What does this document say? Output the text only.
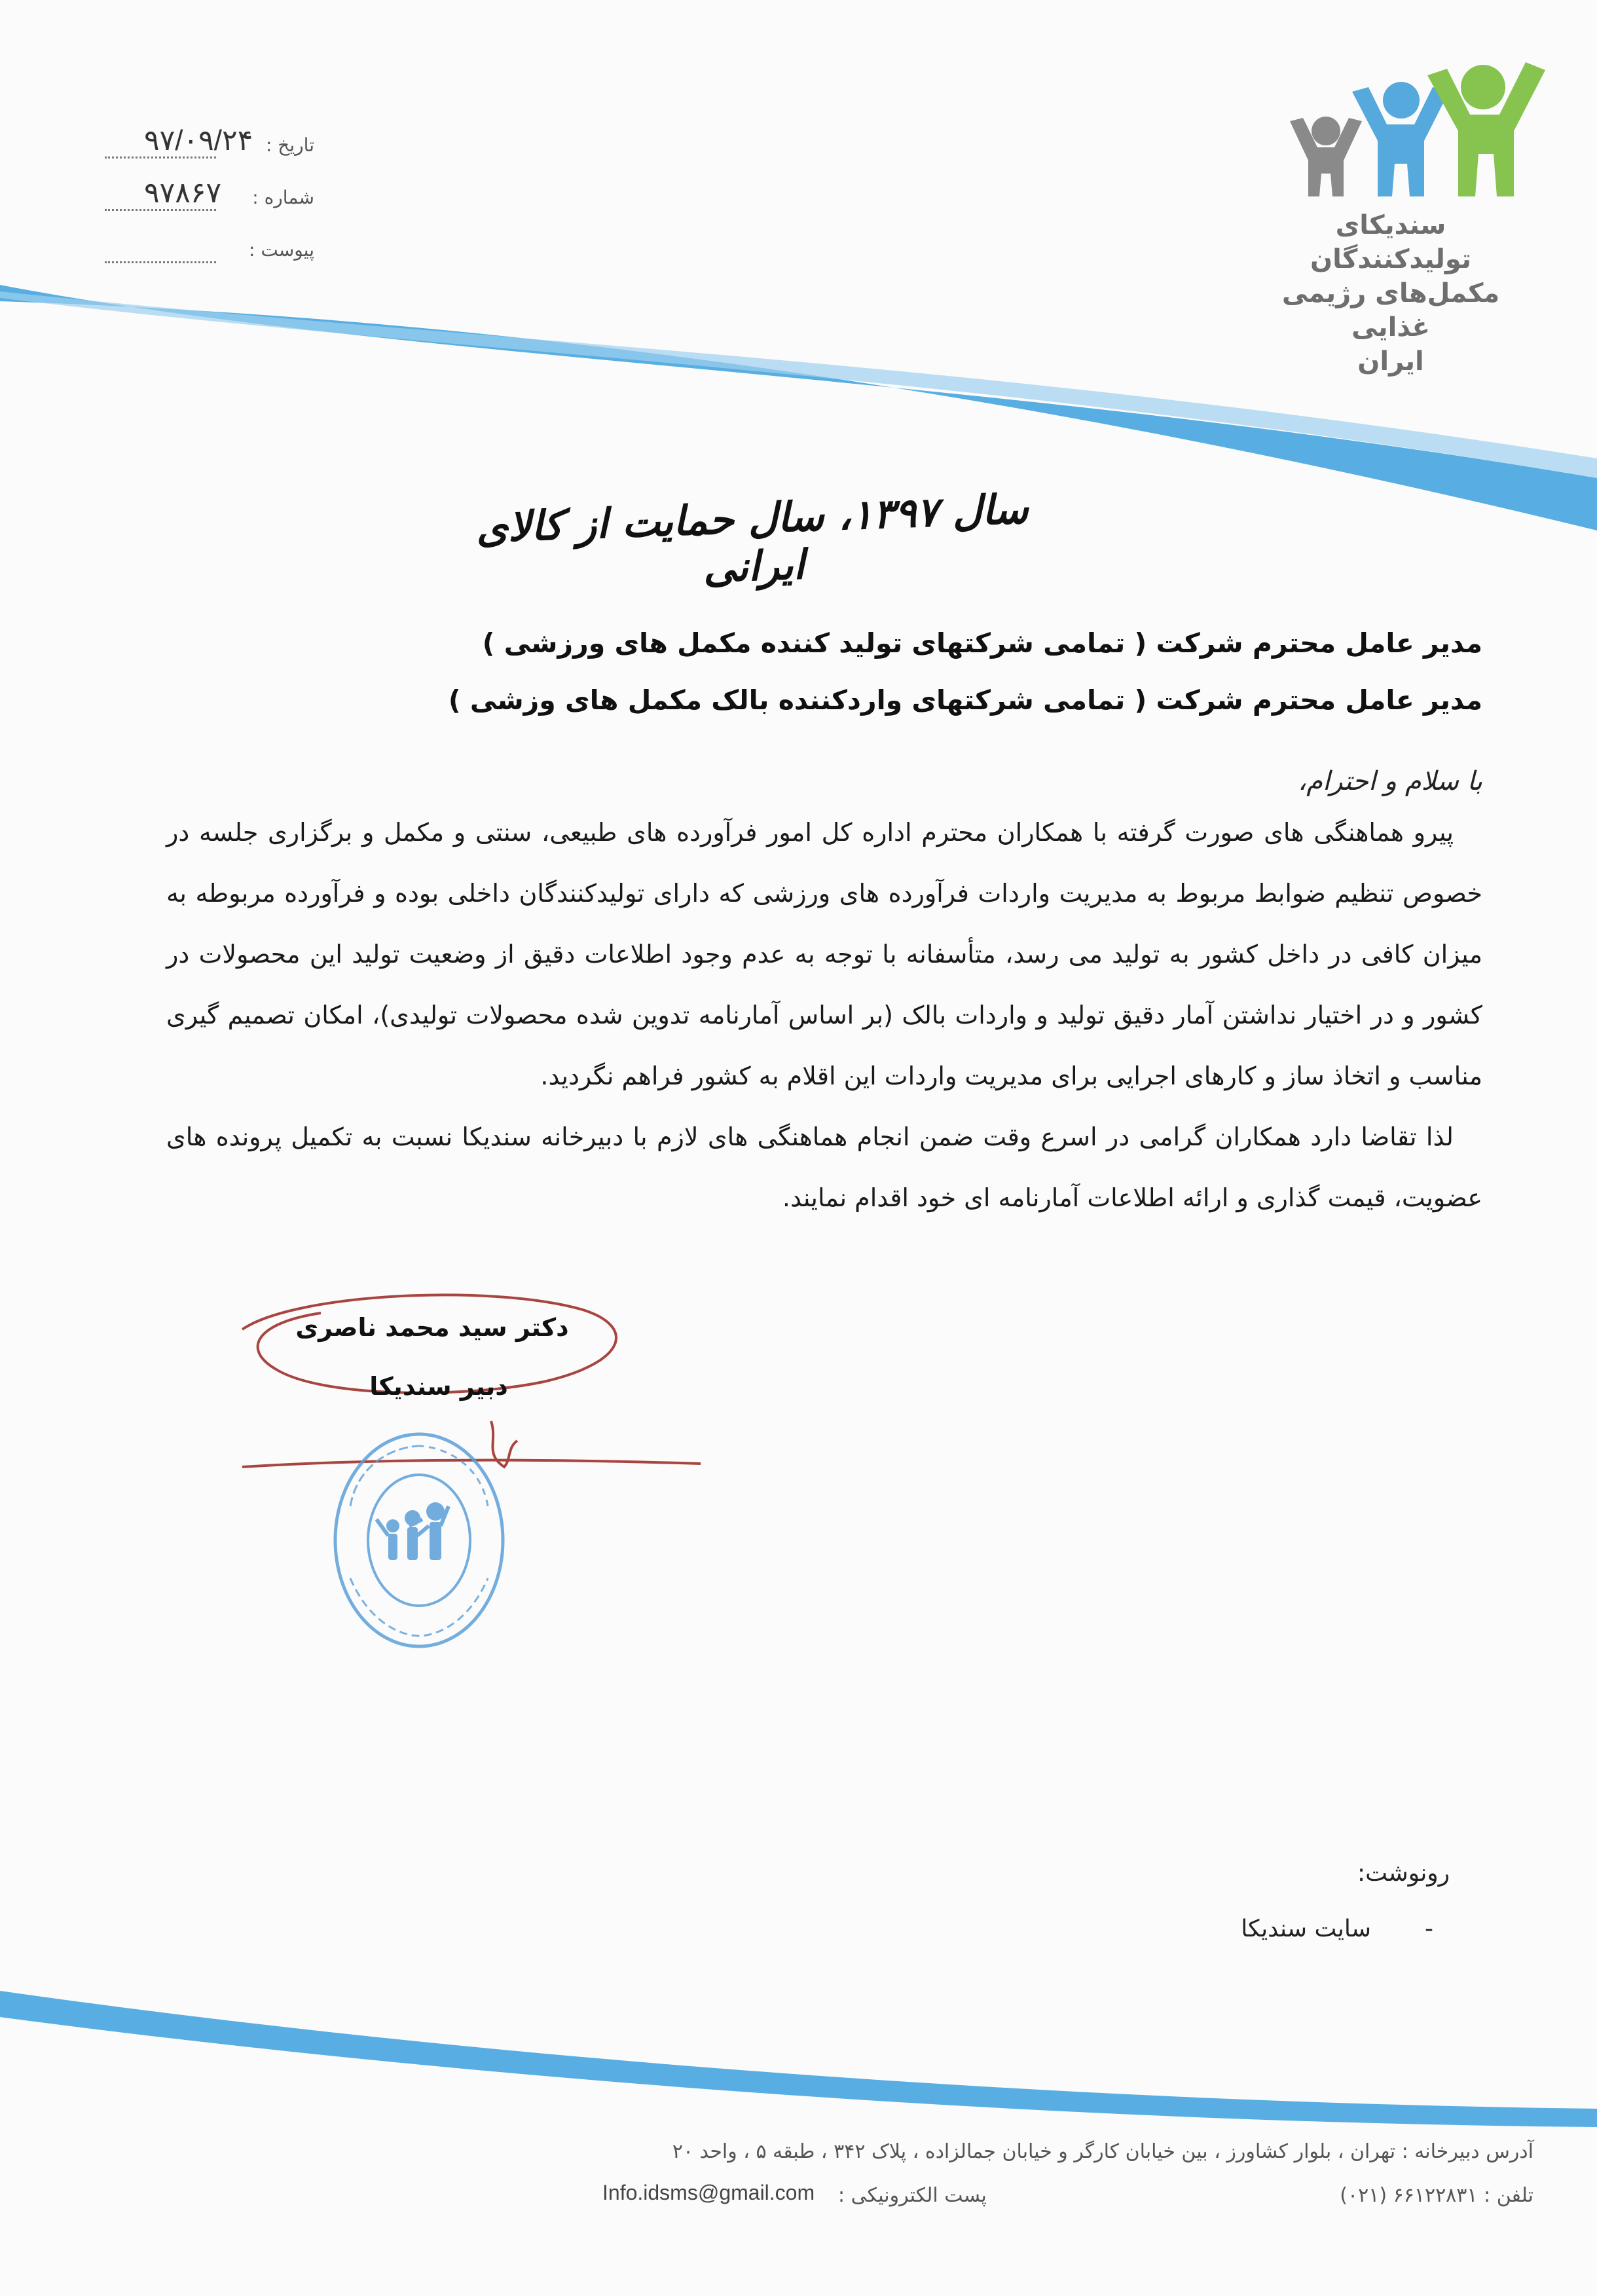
تاریخ :
۹۷/۰۹/۲۴
شماره :
۹۷۸۶۷
پیوست :
سندیکای تولیدکنندگان
مکمل‌های رژیمی غذایی
ایران
سال ۱۳۹۷، سال حمایت از کالای ایرانی
مدیر عامل محترم شرکت ( تمامی شرکتهای تولید کننده مکمل های ورزشی )
مدیر عامل محترم شرکت ( تمامی شرکتهای واردکننده بالک مکمل های وزشی )
با سلام و احترام،

پیرو هماهنگی های صورت گرفته با همکاران محترم اداره کل امور فرآورده های طبیعی، سنتی و مکمل و برگزاری جلسه در خصوص تنظیم ضوابط مربوط به مدیریت واردات فرآورده های ورزشی که دارای تولیدکنندگان داخلی بوده و فرآورده مربوطه به میزان کافی در داخل کشور به تولید می رسد، متأسفانه با توجه به عدم وجود اطلاعات دقیق از وضعیت تولید این محصولات در کشور و در اختیار نداشتن آمار دقیق تولید و واردات بالک (بر اساس آمارنامه تدوین شده محصولات تولیدی)، امکان تصمیم گیری مناسب و اتخاذ ساز و کارهای اجرایی برای مدیریت واردات این اقلام به کشور فراهم نگردید.

لذا تقاضا دارد همکاران گرامی در اسرع وقت ضمن انجام هماهنگی های لازم با دبیرخانه سندیکا نسبت به تکمیل پرونده های عضویت، قیمت گذاری و ارائه اطلاعات آمارنامه ای خود اقدام نمایند.

دکتر سید محمد ناصری
دبیر سندیکا
رونوشت:
-
سایت سندیکا
آدرس دبیرخانه : تهران ، بلوار کشاورز ، بین خیابان کارگر و خیابان جمالزاده ، پلاک ۳۴۲ ، طبقه ۵ ، واحد ۲۰
تلفن : ۶۶۱۲۲۸۳۱ (۰۲۱)
پست الکترونیکی :
Info.idsms@gmail.com
